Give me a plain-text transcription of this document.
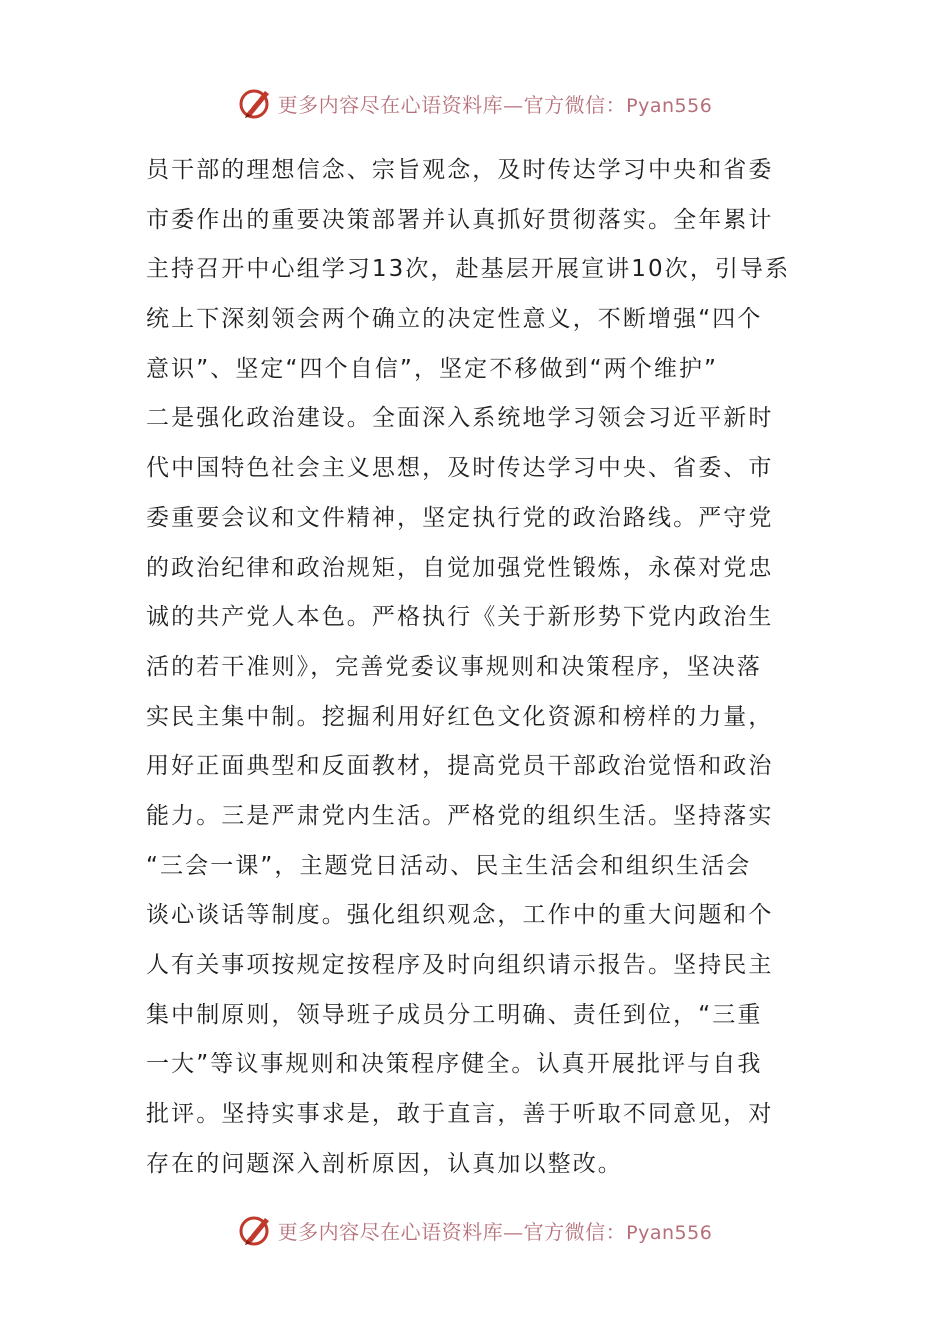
更多内容尽在心语资料库—官方微信：Pyan556
员干部的理想信念、宗旨观念，及时传达学习中央和省委
市委作出的重要决策部署并认真抓好贯彻落实。全年累计
主持召开中心组学习13次，赴基层开展宣讲10次，引导系
统上下深刻领会两个确立的决定性意义，不断增强“四个
意识”、坚定“四个自信”，坚定不移做到“两个维护”
二是强化政治建设。全面深入系统地学习领会习近平新时
代中国特色社会主义思想，及时传达学习中央、省委、市
委重要会议和文件精神，坚定执行党的政治路线。严守党
的政治纪律和政治规矩，自觉加强党性锻炼，永葆对党忠
诚的共产党人本色。严格执行《关于新形势下党内政治生
活的若干准则》，完善党委议事规则和决策程序，坚决落
实民主集中制。挖掘利用好红色文化资源和榜样的力量，
用好正面典型和反面教材，提高党员干部政治觉悟和政治
能力。三是严肃党内生活。严格党的组织生活。坚持落实
“三会一课”，主题党日活动、民主生活会和组织生活会
谈心谈话等制度。强化组织观念，工作中的重大问题和个
人有关事项按规定按程序及时向组织请示报告。坚持民主
集中制原则，领导班子成员分工明确、责任到位，“三重
一大”等议事规则和决策程序健全。认真开展批评与自我
批评。坚持实事求是，敢于直言，善于听取不同意见，对
存在的问题深入剖析原因，认真加以整改。
更多内容尽在心语资料库—官方微信：Pyan556
